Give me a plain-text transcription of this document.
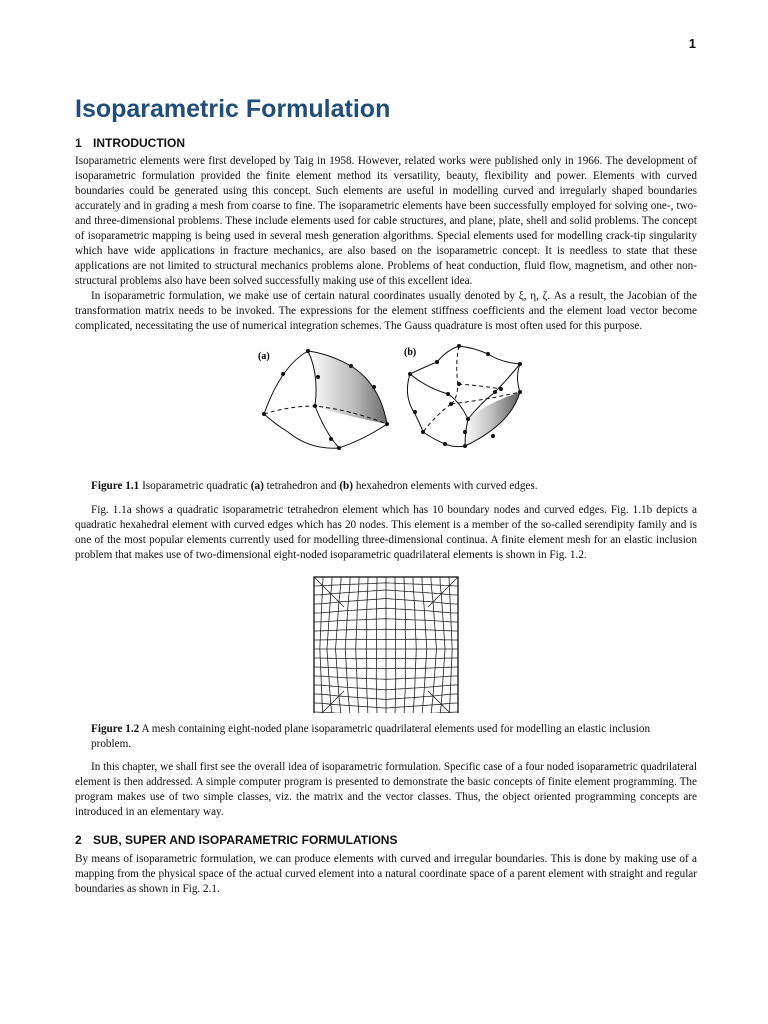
1
Isoparametric Formulation
1 INTRODUCTION

Isoparametric elements were first developed by Taig in 1958. However, related works were published only in 1966. The development of isoparametric formulation provided the finite element method its versatility, beauty, flexibility and power. Elements with curved boundaries could be generated using this concept. Such elements are useful in modelling curved and irregularly shaped boundaries accurately and in grading a mesh from coarse to fine. The isoparametric elements have been successfully employed for solving one-, two- and three-dimensional problems. These include elements used for cable structures, and plane, plate, shell and solid problems. The concept of isoparametric mapping is being used in several mesh generation algorithms. Special elements used for modelling crack-tip singularity which have wide applications in fracture mechanics, are also based on the isoparametric concept. It is needless to state that these applications are not limited to structural mechanics problems alone. Problems of heat conduction, fluid flow, magnetism, and other non-structural problems also have been solved successfully making use of this excellent idea.

In isoparametric formulation, we make use of certain natural coordinates usually denoted by ξ, η, ζ. As a result, the Jacobian of the transformation matrix needs to be invoked. The expressions for the element stiffness coefficients and the element load vector become complicated, necessitating the use of numerical integration schemes. The Gauss quadrature is most often used for this purpose.

(a)	(b)
Figure 1.1 Isoparametric quadratic (a) tetrahedron and (b) hexahedron elements with curved edges.

Fig. 1.1a shows a quadratic isoparametric tetrahedron element which has 10 boundary nodes and curved edges. Fig. 1.1b depicts a quadratic hexahedral element with curved edges which has 20 nodes. This element is a member of the so-called serendipity family and is one of the most popular elements currently used for modelling three-dimensional continua. A finite element mesh for an elastic inclusion problem that makes use of two-dimensional eight-noded isoparametric quadrilateral elements is shown in Fig. 1.2.

Figure 1.2 A mesh containing eight-noded plane isoparametric quadrilateral elements used for modelling an elastic inclusion problem.

In this chapter, we shall first see the overall idea of isoparametric formulation. Specific case of a four noded isoparametric quadrilateral element is then addressed. A simple computer program is presented to demonstrate the basic concepts of finite element programming. The program makes use of two simple classes, viz. the matrix and the vector classes. Thus, the object oriented programming concepts are introduced in an elementary way.

2 SUB, SUPER AND ISOPARAMETRIC FORMULATIONS

By means of isoparametric formulation, we can produce elements with curved and irregular boundaries. This is done by making use of a mapping from the physical space of the actual curved element into a natural coordinate space of a parent element with straight and regular boundaries as shown in Fig. 2.1.
